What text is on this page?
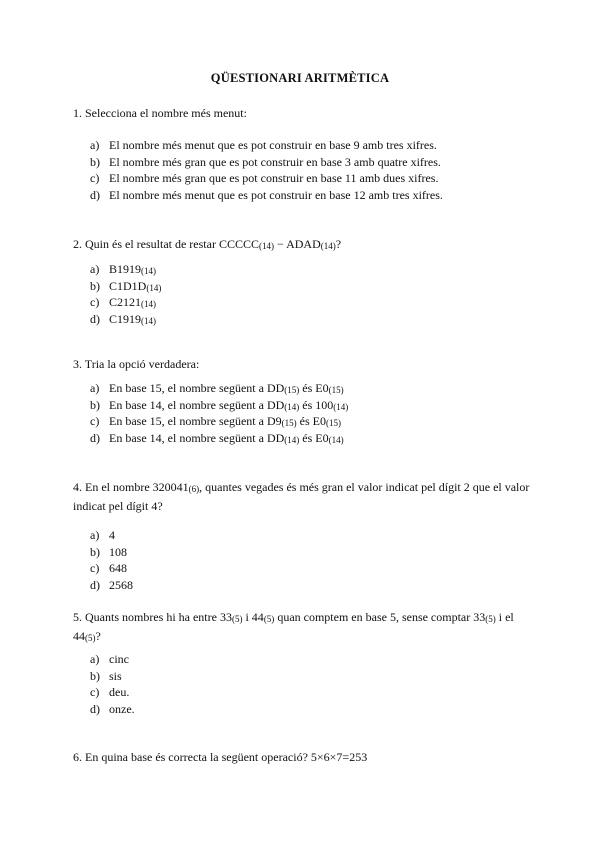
QÜESTIONARI ARITMÈTICA
1. Selecciona el nombre més menut:
a) El nombre més menut que es pot construir en base 9 amb tres xifres.
b) El nombre més gran que es pot construir en base 3 amb quatre xifres.
c) El nombre més gran que es pot construir en base 11 amb dues xifres.
d) El nombre més menut que es pot construir en base 12 amb tres xifres.
2. Quin és el resultat de restar $CCCCC_{(14)}$ − $ADAD_{(14)}$?
a) $B1919_{(14)}$
b) $C1D1D_{(14)}$
c) $C2121_{(14)}$
d) $C1919_{(14)}$
3. Tria la opció verdadera:
a) En base 15, el nombre següent a $DD_{(15)}$ és $E0_{(15)}$
b) En base 14, el nombre següent a $DD_{(14)}$ és $100_{(14)}$
c) En base 15, el nombre següent a $D9_{(15)}$ és $E0_{(15)}$
d) En base 14, el nombre següent a $DD_{(14)}$ és $E0_{(14)}$
4. En el nombre $320041_{(6)}$, quantes vegades és més gran el valor indicat pel dígit 2 que el valor indicat pel dígit 4?
a) 4
b) 108
c) 648
d) 2568
5. Quants nombres hi ha entre $33_{(5)}$ i $44_{(5)}$ quan comptem en base 5, sense comptar $33_{(5)}$ i el $44_{(5)}$?
a) cinc
b) sis
c) deu.
d) onze.
6. En quina base és correcta la següent operació? 5×6×7=253
